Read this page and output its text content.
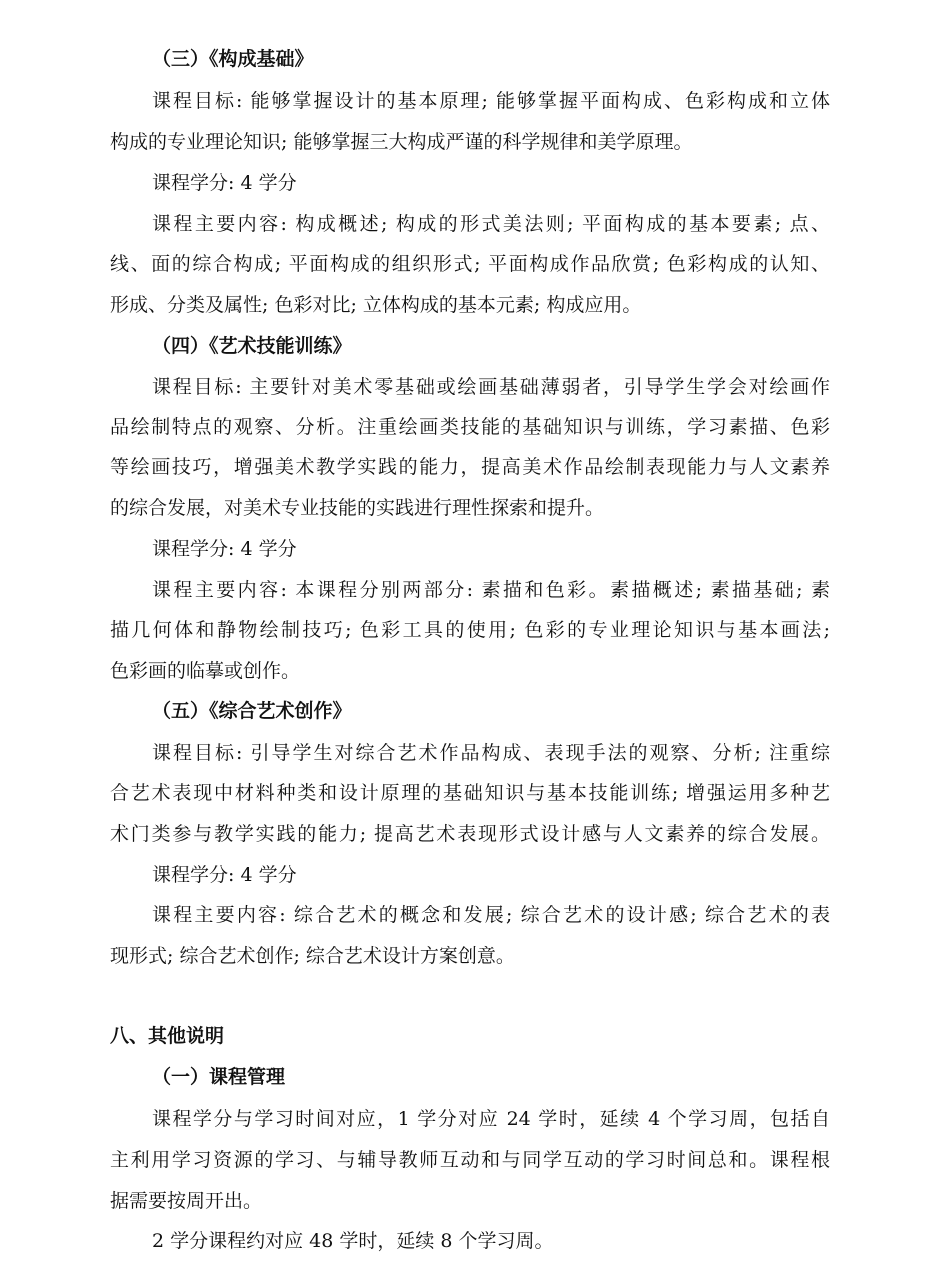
（三）《构成基础》
课程目标: 能够掌握设计的基本原理; 能够掌握平面构成、色彩构成和立体
构成的专业理论知识; 能够掌握三大构成严谨的科学规律和美学原理。
课程学分: 4 学分
课程主要内容: 构成概述; 构成的形式美法则; 平面构成的基本要素; 点、
线、面的综合构成; 平面构成的组织形式; 平面构成作品欣赏; 色彩构成的认知、
形成、分类及属性; 色彩对比; 立体构成的基本元素; 构成应用。
（四）《艺术技能训练》
课程目标: 主要针对美术零基础或绘画基础薄弱者，引导学生学会对绘画作
品绘制特点的观察、分析。注重绘画类技能的基础知识与训练，学习素描、色彩
等绘画技巧，增强美术教学实践的能力，提高美术作品绘制表现能力与人文素养
的综合发展，对美术专业技能的实践进行理性探索和提升。
课程学分: 4 学分
课程主要内容: 本课程分别两部分: 素描和色彩。素描概述; 素描基础; 素
描几何体和静物绘制技巧; 色彩工具的使用; 色彩的专业理论知识与基本画法;
色彩画的临摹或创作。
（五）《综合艺术创作》
课程目标: 引导学生对综合艺术作品构成、表现手法的观察、分析; 注重综
合艺术表现中材料种类和设计原理的基础知识与基本技能训练; 增强运用多种艺
术门类参与教学实践的能力; 提高艺术表现形式设计感与人文素养的综合发展。
课程学分: 4 学分
课程主要内容: 综合艺术的概念和发展; 综合艺术的设计感; 综合艺术的表
现形式; 综合艺术创作; 综合艺术设计方案创意。
八、其他说明
（一）课程管理
课程学分与学习时间对应，1 学分对应 24 学时，延续 4 个学习周，包括自
主利用学习资源的学习、与辅导教师互动和与同学互动的学习时间总和。课程根
据需要按周开出。
2 学分课程约对应 48 学时，延续 8 个学习周。
